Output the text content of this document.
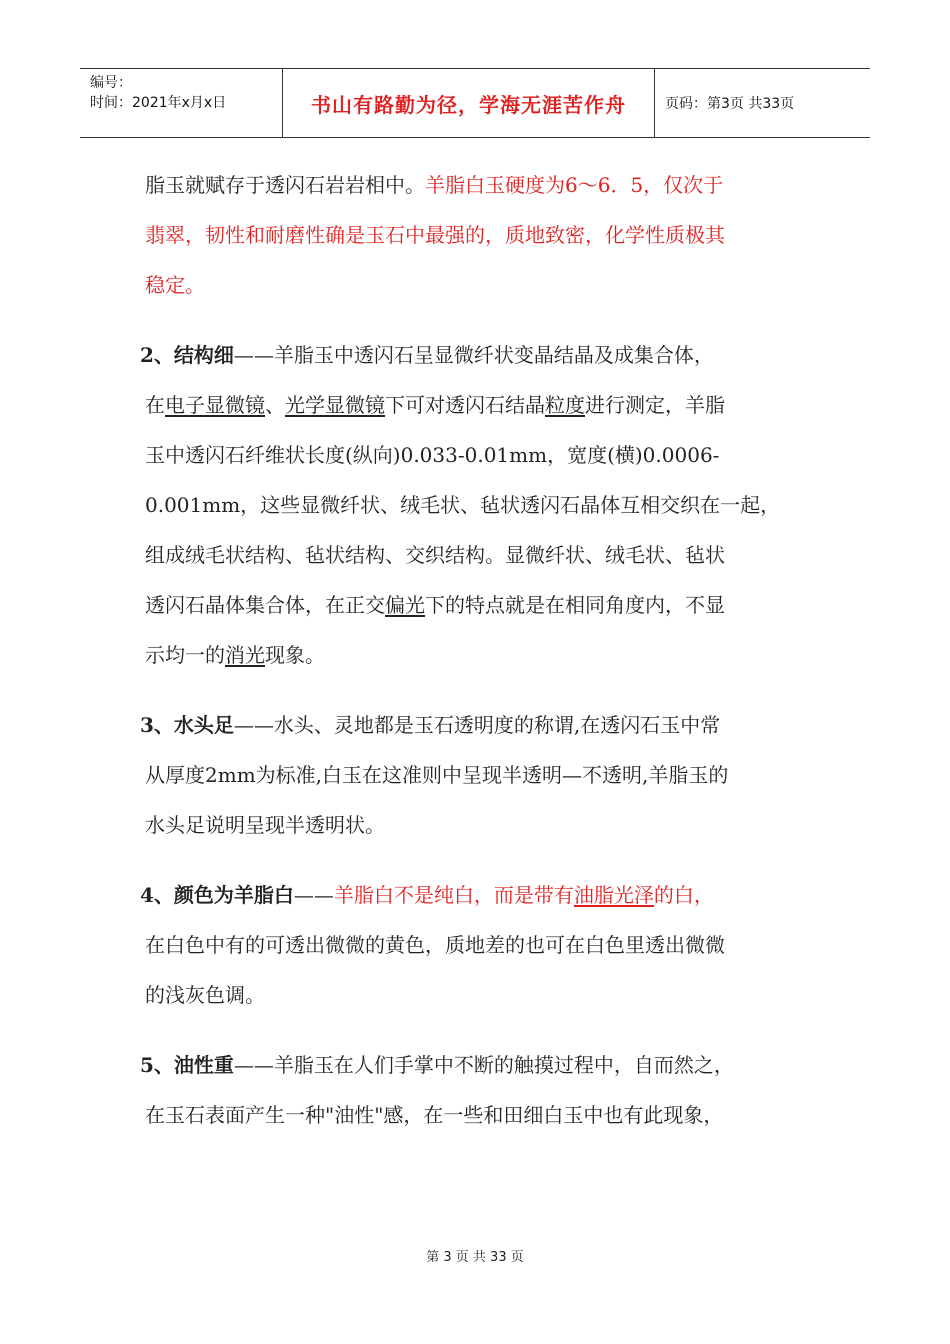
编号：
时间：2021年x月x日	书山有路勤为径，学海无涯苦作舟	页码：第3页 共33页
脂玉就赋存于透闪石岩岩相中。羊脂白玉硬度为6～6．5，仅次于
翡翠，韧性和耐磨性确是玉石中最强的，质地致密，化学性质极其
稳定。
2、结构细——羊脂玉中透闪石呈显微纤状变晶结晶及成集合体，
在电子显微镜、光学显微镜下可对透闪石结晶粒度进行测定，羊脂
玉中透闪石纤维状长度(纵向)0.033-0.01mm，宽度(横)0.0006-
0.001mm，这些显微纤状、绒毛状、毡状透闪石晶体互相交织在一起，
组成绒毛状结构、毡状结构、交织结构。显微纤状、绒毛状、毡状
透闪石晶体集合体，在正交偏光下的特点就是在相同角度内，不显
示均一的消光现象。
3、水头足——水头、灵地都是玉石透明度的称谓,在透闪石玉中常
从厚度2mm为标准,白玉在这准则中呈现半透明—不透明,羊脂玉的
水头足说明呈现半透明状。
4、颜色为羊脂白——羊脂白不是纯白，而是带有油脂光泽的白，
在白色中有的可透出微微的黄色，质地差的也可在白色里透出微微
的浅灰色调。
5、油性重——羊脂玉在人们手掌中不断的触摸过程中，自而然之，
在玉石表面产生一种"油性"感，在一些和田细白玉中也有此现象，
第 3 页 共 33 页
